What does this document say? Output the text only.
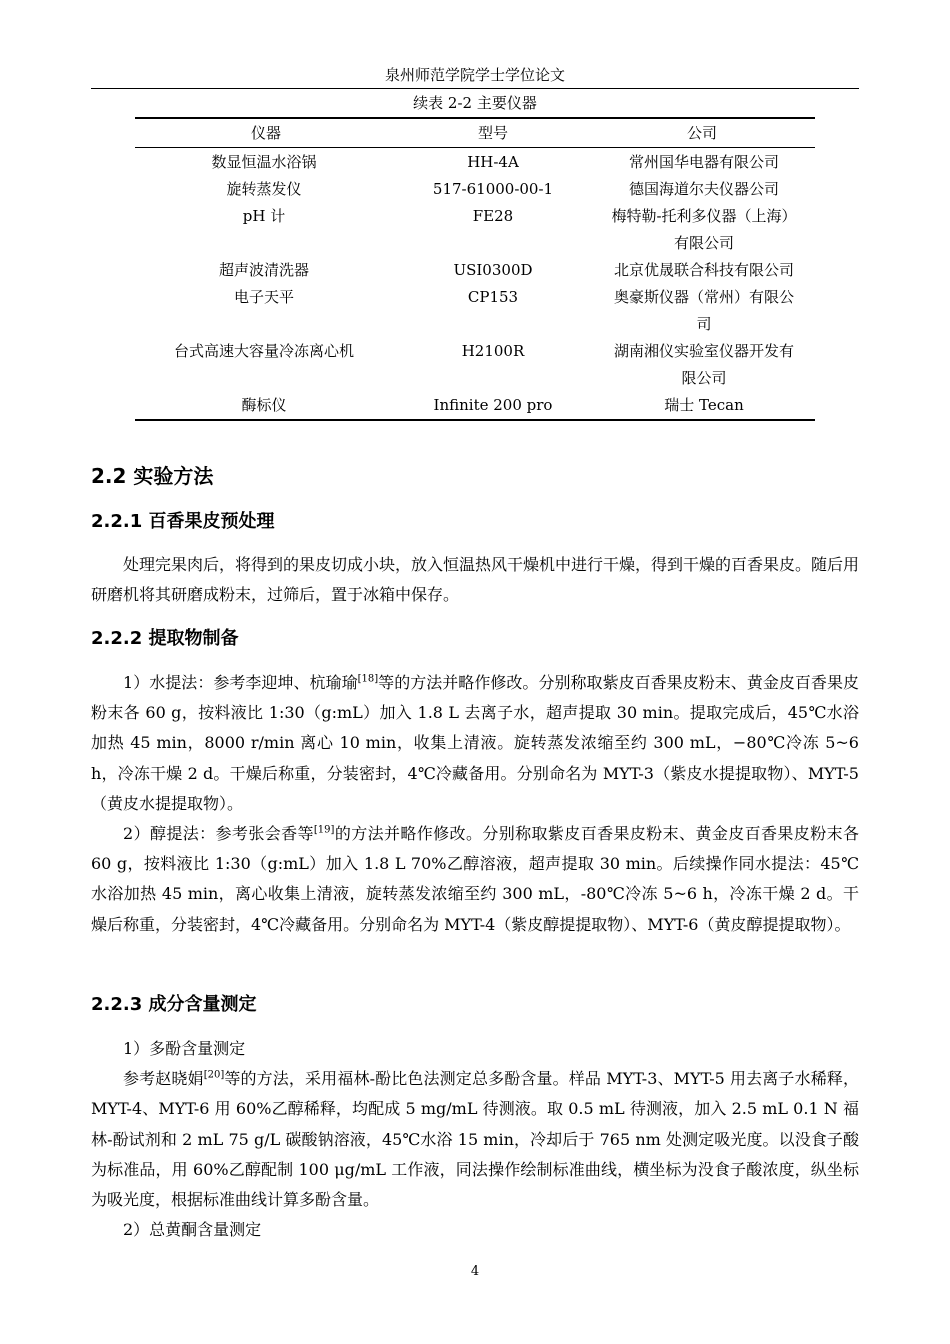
泉州师范学院学士学位论文
续表 2-2 主要仪器
仪器	型号	公司
数显恒温水浴锅	HH-4A	常州国华电器有限公司
旋转蒸发仪	517-61000-00-1	德国海道尔夫仪器公司
pH 计	FE28	梅特勒-托利多仪器（上海）有限公司
超声波清洗器	USI0300D	北京优晟联合科技有限公司
电子天平	CP153	奥豪斯仪器（常州）有限公司
台式高速大容量冷冻离心机	H2100R	湖南湘仪实验室仪器开发有限公司
酶标仪	Infinite 200 pro	瑞士 Tecan
2.2 实验方法
2.2.1 百香果皮预处理

处理完果肉后，将得到的果皮切成小块，放入恒温热风干燥机中进行干燥，得到干燥的百香果皮。随后用研磨机将其研磨成粉末，过筛后，置于冰箱中保存。

2.2.2 提取物制备

1）水提法：参考李迎坤、杭瑜瑜[18]等的方法并略作修改。分别称取紫皮百香果皮粉末、黄金皮百香果皮粉末各 60 g，按料液比 1:30（g:mL）加入 1.8 L 去离子水，超声提取 30 min。提取完成后，45℃水浴加热 45 min，8000 r/min 离心 10 min，收集上清液。旋转蒸发浓缩至约 300 mL，−80℃冷冻 5~6 h，冷冻干燥 2 d。干燥后称重，分装密封，4℃冷藏备用。分别命名为 MYT-3（紫皮水提提取物）、MYT-5（黄皮水提提取物）。

2）醇提法：参考张会香等[19]的方法并略作修改。分别称取紫皮百香果皮粉末、黄金皮百香果皮粉末各 60 g，按料液比 1:30（g:mL）加入 1.8 L 70%乙醇溶液，超声提取 30 min。后续操作同水提法：45℃水浴加热 45 min，离心收集上清液，旋转蒸发浓缩至约 300 mL，-80℃冷冻 5~6 h，冷冻干燥 2 d。干燥后称重，分装密封，4℃冷藏备用。分别命名为 MYT-4（紫皮醇提提取物）、MYT-6（黄皮醇提提取物）。

2.2.3 成分含量测定

1）多酚含量测定

参考赵晓娟[20]等的方法，采用福林-酚比色法测定总多酚含量。样品 MYT-3、MYT-5 用去离子水稀释，MYT-4、MYT-6 用 60%乙醇稀释，均配成 5 mg/mL 待测液。取 0.5 mL 待测液，加入 2.5 mL 0.1 N 福林-酚试剂和 2 mL 75 g/L 碳酸钠溶液，45℃水浴 15 min，冷却后于 765 nm 处测定吸光度。以没食子酸为标准品，用 60%乙醇配制 100 μg/mL 工作液，同法操作绘制标准曲线，横坐标为没食子酸浓度，纵坐标为吸光度，根据标准曲线计算多酚含量。

2）总黄酮含量测定

4
